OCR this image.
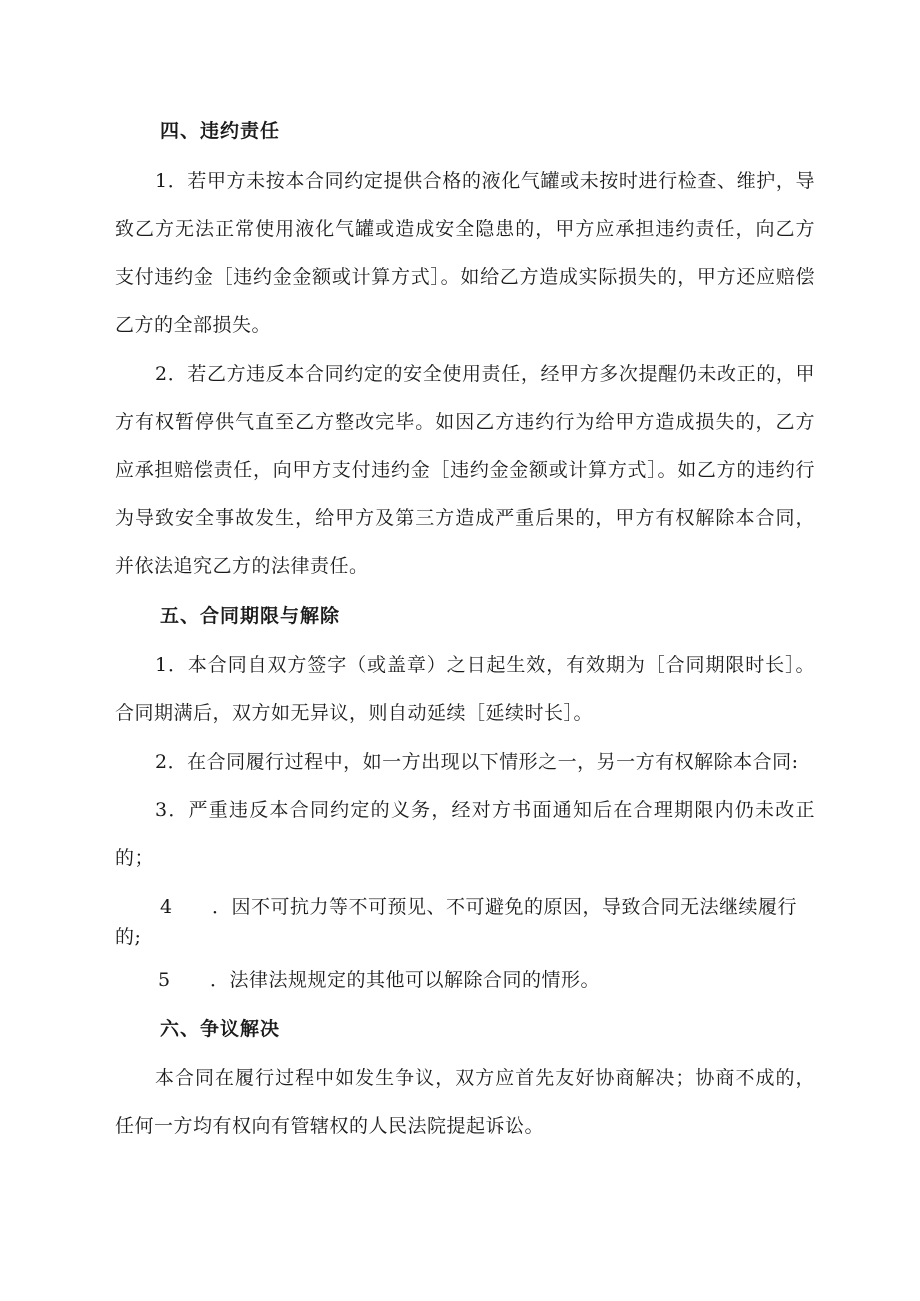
四、违约责任

1．若甲方未按本合同约定提供合格的液化气罐或未按时进行检查、维护，导致乙方无法正常使用液化气罐或造成安全隐患的，甲方应承担违约责任，向乙方支付违约金［违约金金额或计算方式］。如给乙方造成实际损失的，甲方还应赔偿乙方的全部损失。

2．若乙方违反本合同约定的安全使用责任，经甲方多次提醒仍未改正的，甲方有权暂停供气直至乙方整改完毕。如因乙方违约行为给甲方造成损失的，乙方应承担赔偿责任，向甲方支付违约金［违约金金额或计算方式］。如乙方的违约行为导致安全事故发生，给甲方及第三方造成严重后果的，甲方有权解除本合同，并依法追究乙方的法律责任。

五、合同期限与解除

1．本合同自双方签字（或盖章）之日起生效，有效期为［合同期限时长］。合同期满后，双方如无异议，则自动延续［延续时长］。

2．在合同履行过程中，如一方出现以下情形之一，另一方有权解除本合同:

3．严重违反本合同约定的义务，经对方书面通知后在合理期限内仍未改正的；

4 ．因不可抗力等不可预见、不可避免的原因，导致合同无法继续履行
的;
5 ．法律法规规定的其他可以解除合同的情形。
六、争议解决

本合同在履行过程中如发生争议，双方应首先友好协商解决；协商不成的，任何一方均有权向有管辖权的人民法院提起诉讼。
